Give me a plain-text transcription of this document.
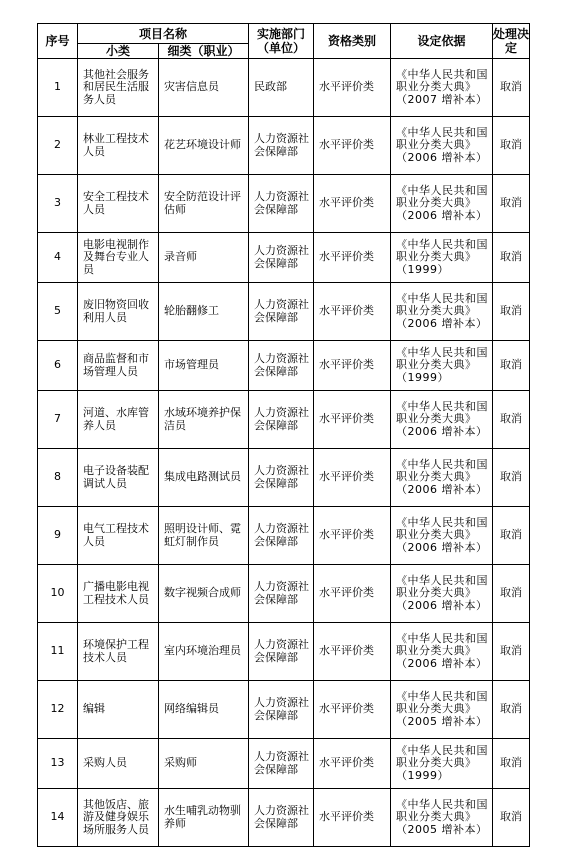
序号	项目名称		实施部门（单位）	资格类别	设定依据	处理决定
	小类	细类（职业）				
1	其他社会服务和居民生活服务人员	灾害信息员	民政部	水平评价类	《中华人民共和国职业分类大典》（2007 增补本）	取消
2	林业工程技术人员	花艺环境设计师	人力资源社会保障部	水平评价类	《中华人民共和国职业分类大典》（2006 增补本）	取消
3	安全工程技术人员	安全防范设计评估师	人力资源社会保障部	水平评价类	《中华人民共和国职业分类大典》（2006 增补本）	取消
4	电影电视制作及舞台专业人员	录音师	人力资源社会保障部	水平评价类	《中华人民共和国职业分类大典》（1999）	取消
5	废旧物资回收利用人员	轮胎翻修工	人力资源社会保障部	水平评价类	《中华人民共和国职业分类大典》（2006 增补本）	取消
6	商品监督和市场管理人员	市场管理员	人力资源社会保障部	水平评价类	《中华人民共和国职业分类大典》（1999）	取消
7	河道、水库管养人员	水域环境养护保洁员	人力资源社会保障部	水平评价类	《中华人民共和国职业分类大典》（2006 增补本）	取消
8	电子设备装配调试人员	集成电路测试员	人力资源社会保障部	水平评价类	《中华人民共和国职业分类大典》（2006 增补本）	取消
9	电气工程技术人员	照明设计师、霓虹灯制作员	人力资源社会保障部	水平评价类	《中华人民共和国职业分类大典》（2006 增补本）	取消
10	广播电影电视工程技术人员	数字视频合成师	人力资源社会保障部	水平评价类	《中华人民共和国职业分类大典》（2006 增补本）	取消
11	环境保护工程技术人员	室内环境治理员	人力资源社会保障部	水平评价类	《中华人民共和国职业分类大典》（2006 增补本）	取消
12	编辑	网络编辑员	人力资源社会保障部	水平评价类	《中华人民共和国职业分类大典》（2005 增补本）	取消
13	采购人员	采购师	人力资源社会保障部	水平评价类	《中华人民共和国职业分类大典》（1999）	取消
14	其他饭店、旅游及健身娱乐场所服务人员	水生哺乳动物驯养师	人力资源社会保障部	水平评价类	《中华人民共和国职业分类大典》（2005 增补本）	取消
